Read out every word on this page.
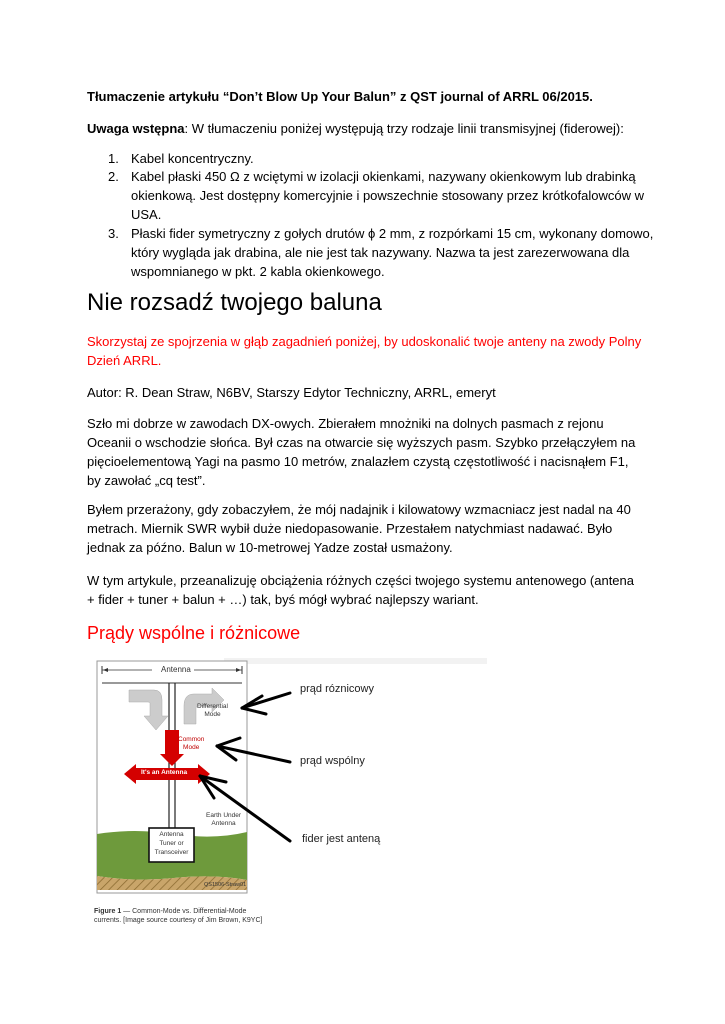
Tłumaczenie artykułu “Don’t Blow Up Your Balun” z QST journal of ARRL 06/2015.
Uwaga wstępna: W tłumaczeniu poniżej występują trzy rodzaje linii transmisyjnej (fiderowej):
1. Kabel koncentryczny.
2. Kabel płaski 450 Ω z wciętymi w izolacji okienkami, nazywany okienkowym lub drabinką okienkową. Jest dostępny komercyjnie i powszechnie stosowany przez krótkofalowców w USA.
3. Płaski fider symetryczny z gołych drutów ϕ 2 mm, z rozpórkami 15 cm, wykonany domowo, który wygląda jak drabina, ale nie jest tak nazywany. Nazwa ta jest zarezerwowana dla wspomnianego w pkt. 2 kabla okienkowego.
Nie rozsadź twojego baluna
Skorzystaj ze spojrzenia w głąb zagadnień poniżej, by udoskonalić twoje anteny na zwody Polny Dzień ARRL.
Autor: R. Dean Straw, N6BV, Starszy Edytor Techniczny, ARRL, emeryt
Szło mi dobrze w zawodach DX-owych. Zbierałem mnożniki na dolnych pasmach z rejonu Oceanii o wschodzie słońca. Był czas na otwarcie się wyższych pasm. Szybko przełączyłem na pięcioelementową Yagi na pasmo 10 metrów, znalazłem czystą częstotliwość i nacisnąłem F1, by zawołać „cq test”.
Byłem przerażony, gdy zobaczyłem, że mój nadajnik i kilowatowy wzmacniacz jest nadal na 40 metrach. Miernik SWR wybił duże niedopasowanie. Przestałem natychmiast nadawać. Było jednak za późno. Balun w 10-metrowej Yadze został usmażony.
W tym artykule, przeanalizuję obciążenia różnych części twojego systemu antenowego (antena + fider + tuner + balun + …) tak, byś mógł wybrać najlepszy wariant.
Prądy wspólne i różnicowe
Antenna
Differential
Mode
Common
Mode
It's an Antenna
Earth Under
Antenna
Antenna
Tuner or
Transceiver
QS1506-Straw01
prąd róznicowy
prąd wspólny
fider jest anteną
Figure 1 — Common-Mode vs. Differential-Mode currents. [Image source courtesy of Jim Brown, K9YC]
